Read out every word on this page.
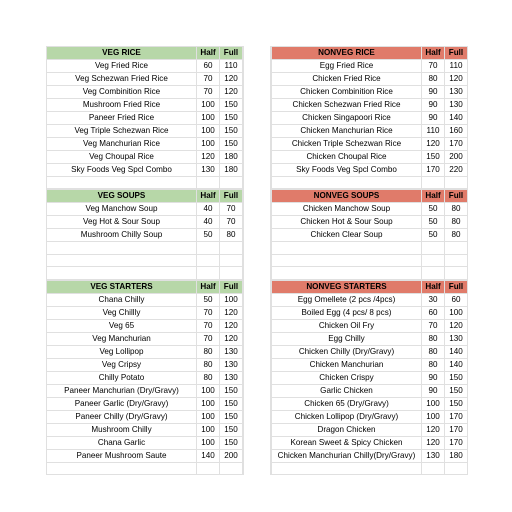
VEG RICE	Half	Full
Veg Fried Rice	60	110
Veg Schezwan Fried Rice	70	120
Veg Combinition Rice	70	120
Mushroom Fried Rice	100	150
Paneer Fried Rice	100	150
Veg Triple Schezwan Rice	100	150
Veg Manchurian Rice	100	150
Veg Choupal Rice	120	180
Sky Foods Veg Spcl Combo	130	180

NONVEG RICE	Half	Full
Egg Fried Rice	70	110
Chicken Fried Rice	80	120
Chicken Combinition Rice	90	130
Chicken Schezwan Fried Rice	90	130
Chicken Singapoori Rice	90	140
Chicken Manchurian Rice	110	160
Chicken Triple Schezwan Rice	120	170
Chicken Choupal Rice	150	200
Sky Foods Veg Spcl Combo	170	220

VEG SOUPS	Half	Full
Veg Manchow Soup	40	70
Veg Hot & Sour Soup	40	70
Mushroom Chilly Soup	50	80

NONVEG SOUPS	Half	Full
Chicken Manchow Soup	50	80
Chicken Hot & Sour Soup	50	80
Chicken Clear Soup	50	80

VEG STARTERS	Half	Full
Chana Chilly	50	100
Veg Chillly	70	120
Veg 65	70	120
Veg Manchurian	70	120
Veg Lollipop	80	130
Veg Cripsy	80	130
Chilly Potato	80	130
Paneer Manchurian (Dry/Gravy)	100	150
Paneer Garlic (Dry/Gravy)	100	150
Paneer Chilly (Dry/Gravy)	100	150
Mushroom Chilly	100	150
Chana Garlic	100	150
Paneer Mushroom Saute	140	200

NONVEG STARTERS	Half	Full
Egg Omellete (2 pcs /4pcs)	30	60
Boiled Egg (4 pcs/ 8 pcs)	60	100
Chicken Oil Fry	70	120
Egg Chilly	80	130
Chicken Chilly (Dry/Gravy)	80	140
Chicken Manchurian	80	140
Chicken Crispy	90	150
Garlic Chicken	90	150
Chicken 65 (Dry/Gravy)	100	150
Chicken Lollipop (Dry/Gravy)	100	170
Dragon Chicken	120	170
Korean Sweet & Spicy Chicken	120	170
Chicken Manchurian Chilly(Dry/Gravy)	130	180
